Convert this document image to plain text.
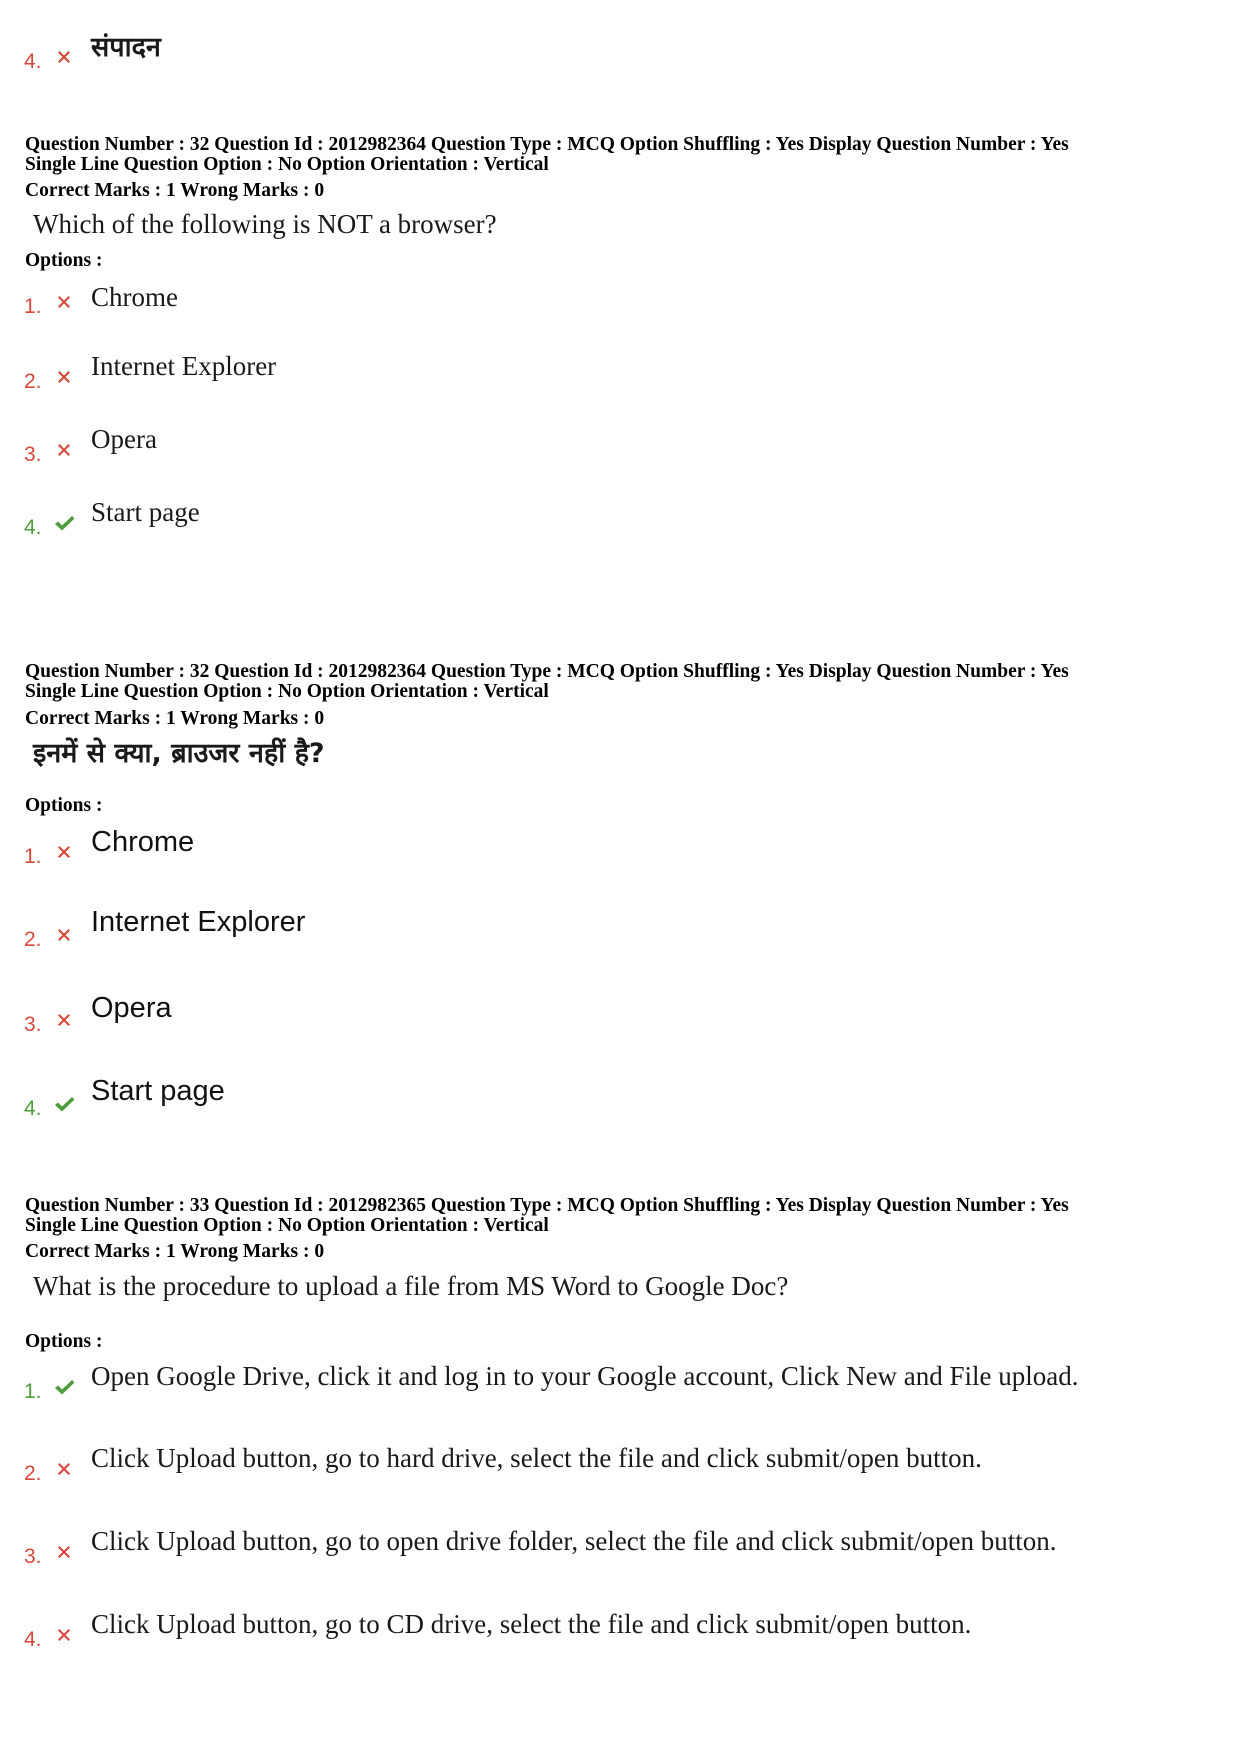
4. संपादन
Question Number : 32 Question Id : 2012982364 Question Type : MCQ Option Shuffling : Yes Display Question Number : Yes
Single Line Question Option : No Option Orientation : Vertical
Correct Marks : 1 Wrong Marks : 0
Which of the following is NOT a browser?
Options :
1. Chrome
2.
Internet Explorer
3.
Opera
4.
Start page
Question Number : 32 Question Id : 2012982364 Question Type : MCQ Option Shuffling : Yes Display Question Number : Yes
Single Line Question Option : No Option Orientation : Vertical
Correct Marks : 1 Wrong Marks : 0
इनमें से क्या, ब्राउजर नहीं है?
Options :
1. Chrome
2.
Internet Explorer
3.
Opera
4.
Start page
Question Number : 33 Question Id : 2012982365 Question Type : MCQ Option Shuffling : Yes Display Question Number : Yes
Single Line Question Option : No Option Orientation : Vertical
Correct Marks : 1 Wrong Marks : 0
What is the procedure to upload a file from MS Word to Google Doc?
Options :
1.
Open Google Drive, click it and log in to your Google account, Click New and File upload.
2.
Click Upload button, go to hard drive, select the file and click submit/open button.
3.
Click Upload button, go to open drive folder, select the file and click submit/open button.
4.
Click Upload button, go to CD drive, select the file and click submit/open button.
